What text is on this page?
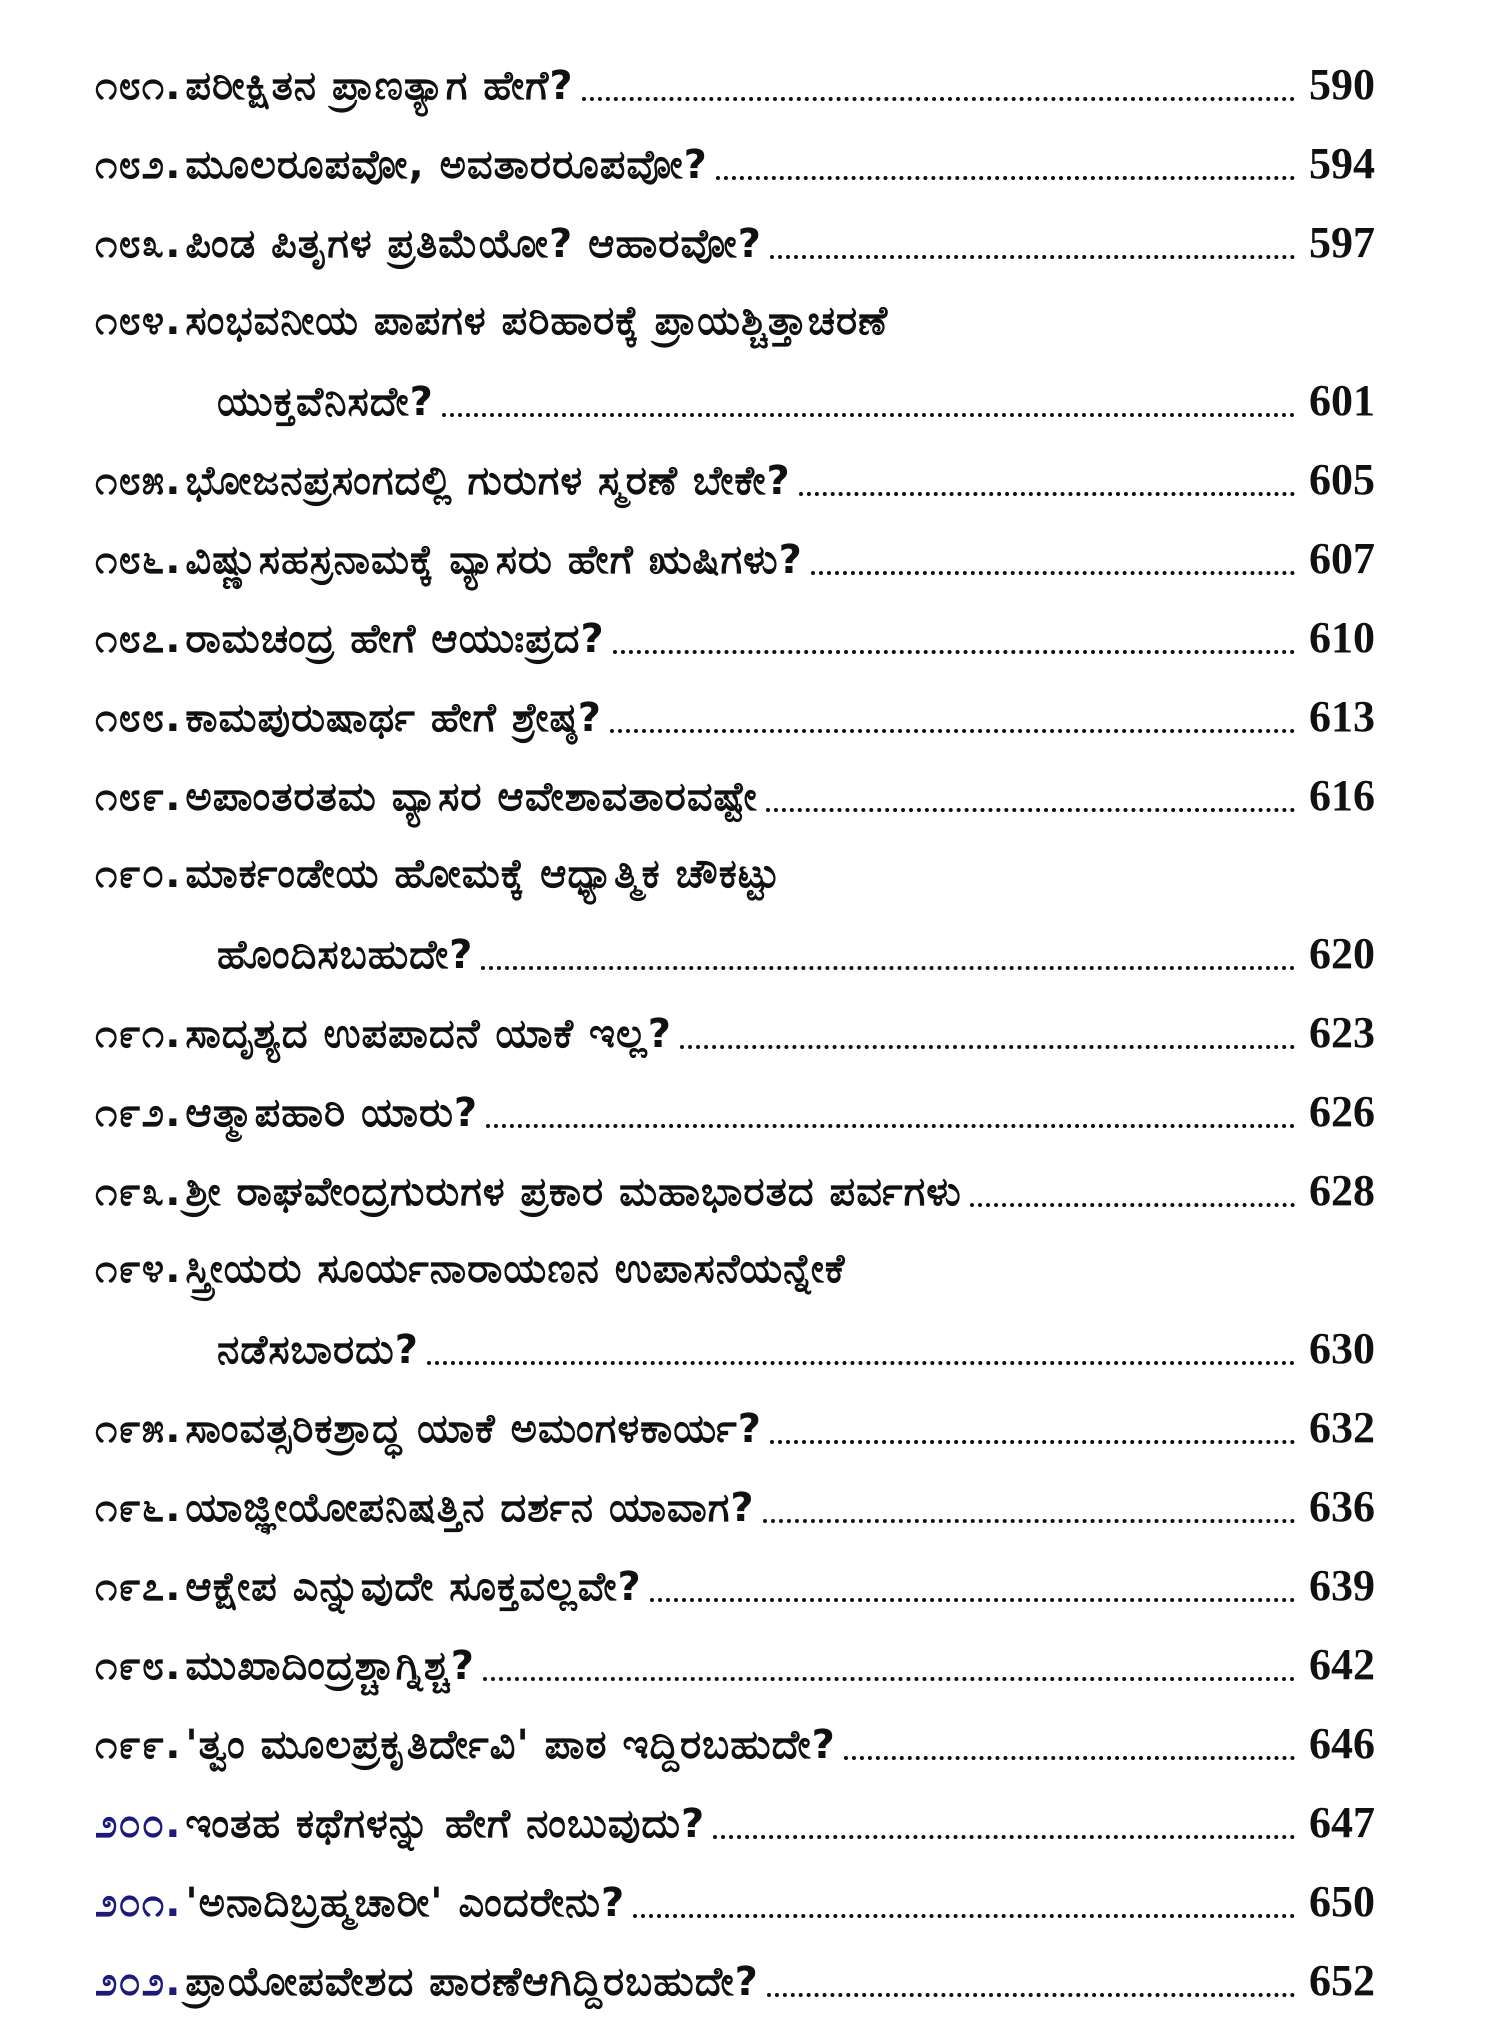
೧೮೧. ಪರೀಕ್ಷಿತನ ಪ್ರಾಣತ್ಯಾಗ ಹೇಗೆ?	590
೧೮೨. ಮೂಲರೂಪವೋ, ಅವತಾರರೂಪವೋ?	594
೧೮೩. ಪಿಂಡ ಪಿತೃಗಳ ಪ್ರತಿಮೆಯೋ? ಆಹಾರವೋ?	597
೧೮೪. ಸಂಭವನೀಯ ಪಾಪಗಳ ಪರಿಹಾರಕ್ಕೆ ಪ್ರಾಯಶ್ಚಿತ್ತಾಚರಣೆ
ಯುಕ್ತವೆನಿಸದೇ?	601
೧೮೫. ಭೋಜನಪ್ರಸಂಗದಲ್ಲಿ ಗುರುಗಳ ಸ್ಮರಣೆ ಬೇಕೇ?	605
೧೮೬. ವಿಷ್ಣುಸಹಸ್ರನಾಮಕ್ಕೆ ವ್ಯಾಸರು ಹೇಗೆ ಋಷಿಗಳು?	607
೧೮೭. ರಾಮಚಂದ್ರ ಹೇಗೆ ಆಯುಃಪ್ರದ?	610
೧೮೮. ಕಾಮಪುರುಷಾರ್ಥ ಹೇಗೆ ಶ್ರೇಷ್ಠ?	613
೧೮೯. ಅಪಾಂತರತಮ ವ್ಯಾಸರ ಆವೇಶಾವತಾರವಷ್ಟೇ	616
೧೯೦. ಮಾರ್ಕಂಡೇಯ ಹೋಮಕ್ಕೆ ಆಧ್ಯಾತ್ಮಿಕ ಚೌಕಟ್ಟು
ಹೊಂದಿಸಬಹುದೇ?	620
೧೯೧. ಸಾದೃಶ್ಯದ ಉಪಪಾದನೆ ಯಾಕೆ ಇಲ್ಲ?	623
೧೯೨. ಆತ್ಮಾಪಹಾರಿ ಯಾರು?	626
೧೯೩. ಶ್ರೀ ರಾಘವೇಂದ್ರಗುರುಗಳ ಪ್ರಕಾರ ಮಹಾಭಾರತದ ಪರ್ವಗಳು	628
೧೯೪. ಸ್ತ್ರೀಯರು ಸೂರ್ಯನಾರಾಯಣನ ಉಪಾಸನೆಯನ್ನೇಕೆ
ನಡೆಸಬಾರದು?	630
೧೯೫. ಸಾಂವತ್ಸರಿಕಶ್ರಾದ್ಧ ಯಾಕೆ ಅಮಂಗಳಕಾರ್ಯ?	632
೧೯೬. ಯಾಜ್ಞೀಯೋಪನಿಷತ್ತಿನ ದರ್ಶನ ಯಾವಾಗ?	636
೧೯೭. ಆಕ್ಷೇಪ ಎನ್ನುವುದೇ ಸೂಕ್ತವಲ್ಲವೇ?	639
೧೯೮. ಮುಖಾದಿಂದ್ರಶ್ಚಾಗ್ನಿಶ್ಚ?	642
೧೯೯. 'ತ್ವಂ ಮೂಲಪ್ರಕೃತಿರ್ದೇವಿ' ಪಾಠ ಇದ್ದಿರಬಹುದೇ?	646
೨೦೦. ಇಂತಹ ಕಥೆಗಳನ್ನು ಹೇಗೆ ನಂಬುವುದು?	647
೨೦೧. 'ಅನಾದಿಬ್ರಹ್ಮಚಾರೀ' ಎಂದರೇನು?	650
೨೦೨. ಪ್ರಾಯೋಪವೇಶದ ಪಾರಣೆಆಗಿದ್ದಿರಬಹುದೇ?	652
